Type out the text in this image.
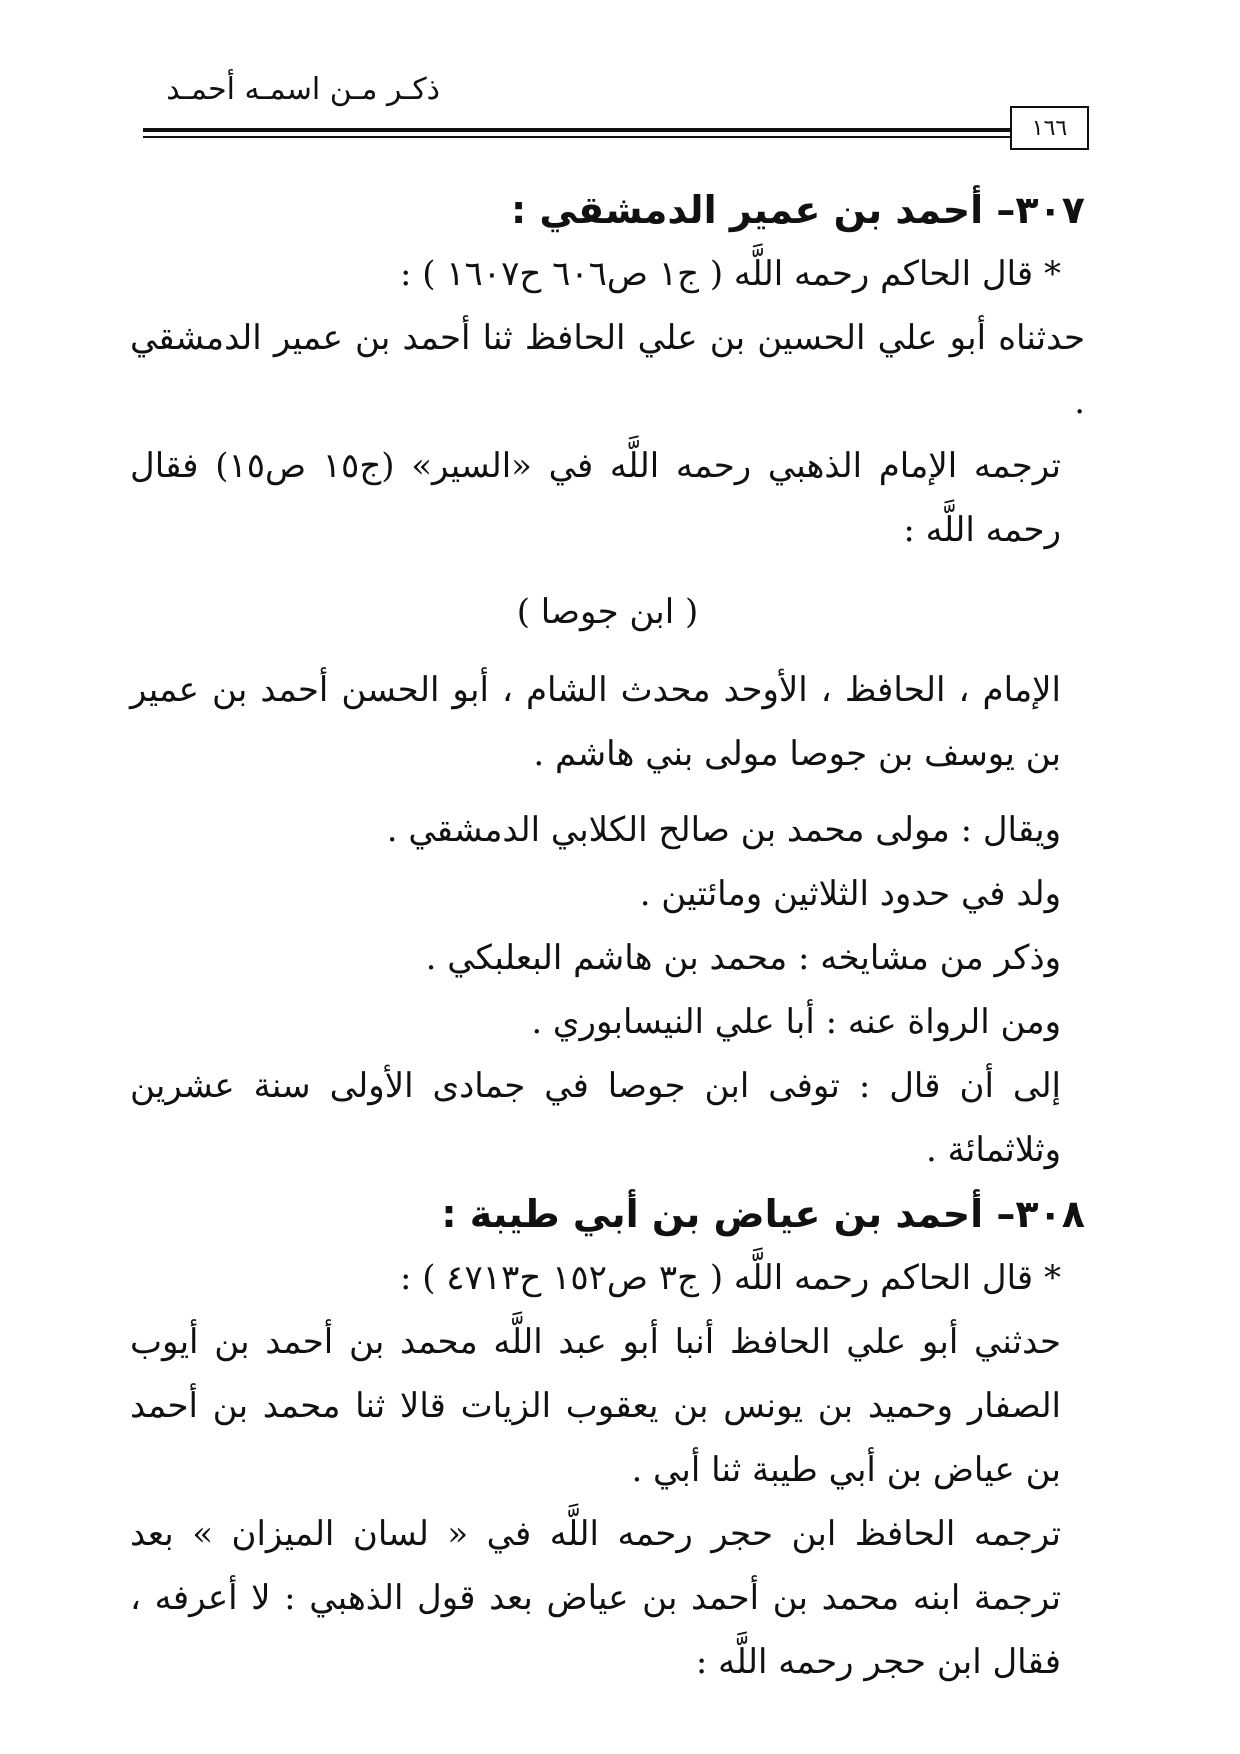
ذكـر مـن اسمـه أحمـد
١٦٦

٣٠٧– أحمد بن عمير الدمشقي :

* قال الحاكم رحمه اللَّه ( ج١ ص٦٠٦ ح١٦٠٧ ) :

حدثناه أبو علي الحسين بن علي الحافظ ثنا أحمد بن عمير الدمشقي .

ترجمه الإمام الذهبي رحمه اللَّه في «السير» (ج١٥ ص١٥) فقال رحمه اللَّه :

( ابن جوصا )

الإمام ، الحافظ ، الأوحد محدث الشام ، أبو الحسن أحمد بن عمير بن يوسف بن جوصا مولى بني هاشم .

ويقال : مولى محمد بن صالح الكلابي الدمشقي .

ولد في حدود الثلاثين ومائتين .

وذكر من مشايخه : محمد بن هاشم البعلبكي .

ومن الرواة عنه : أبا علي النيسابوري .

إلى أن قال : توفى ابن جوصا في جمادى الأولى سنة عشرين وثلاثمائة .

٣٠٨– أحمد بن عياض بن أبي طيبة :

* قال الحاكم رحمه اللَّه ( ج٣ ص١٥٢ ح٤٧١٣ ) :

حدثني أبو علي الحافظ أنبا أبو عبد اللَّه محمد بن أحمد بن أيوب الصفار وحميد بن يونس بن يعقوب الزيات قالا ثنا محمد بن أحمد بن عياض بن أبي طيبة ثنا أبي .

ترجمه الحافظ ابن حجر رحمه اللَّه في « لسان الميزان » بعد ترجمة ابنه محمد بن أحمد بن عياض بعد قول الذهبي : لا أعرفه ، فقال ابن حجر رحمه اللَّه :
